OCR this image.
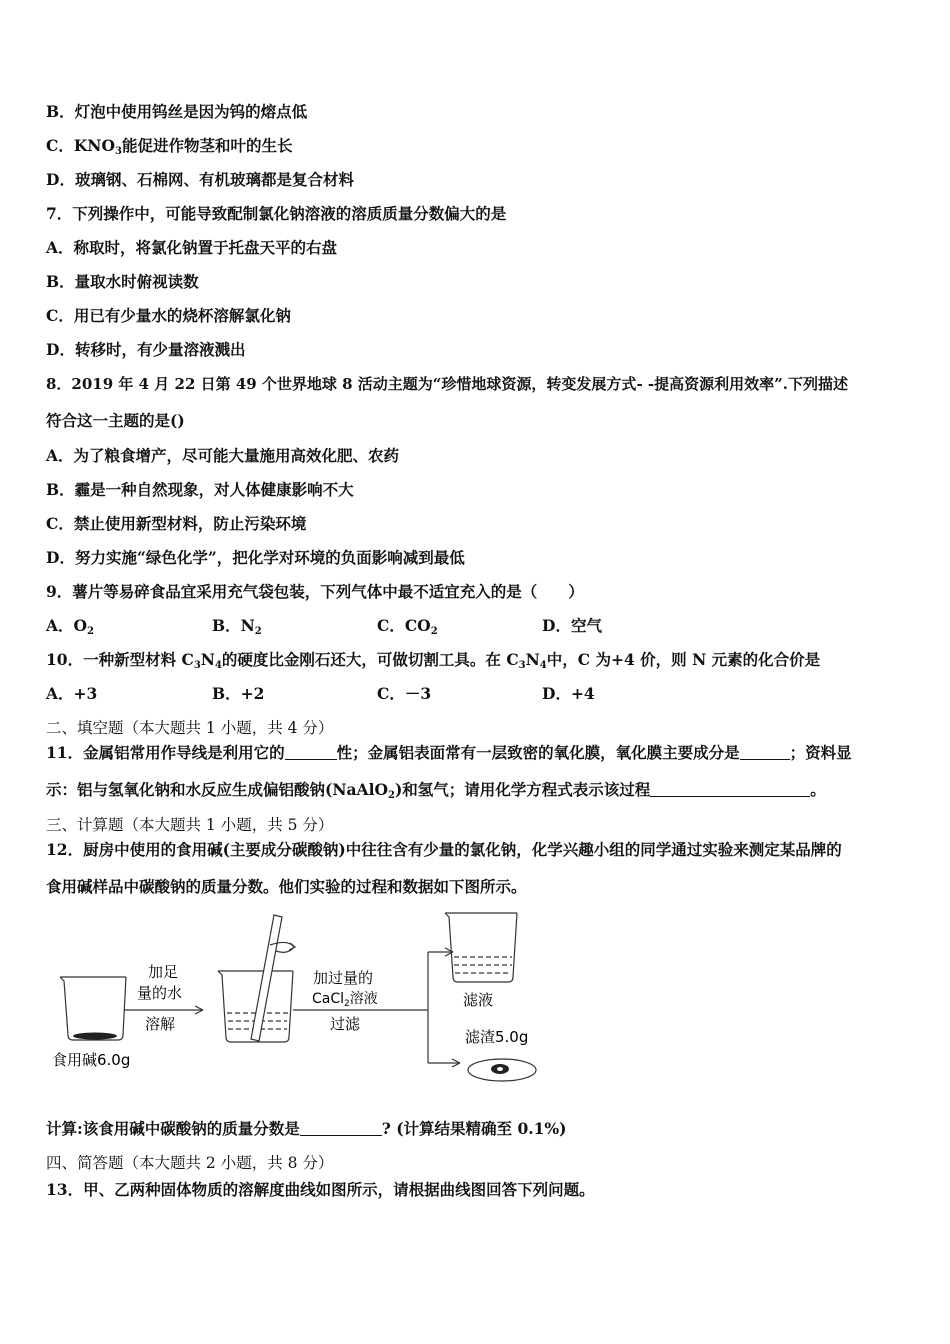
B．灯泡中使用钨丝是因为钨的熔点低
C．$KNO_3$能促进作物茎和叶的生长
D．玻璃钢、石棉网、有机玻璃都是复合材料
7．下列操作中，可能导致配制氯化钠溶液的溶质质量分数偏大的是
A．称取时，将氯化钠置于托盘天平的右盘
B．量取水时俯视读数
C．用已有少量水的烧杯溶解氯化钠
D．转移时，有少量溶液溅出
8．2019 年 4 月 22 日第 49 个世界地球 8 活动主题为“珍惜地球资源，转变发展方式- -提高资源利用效率”.下列描述
符合这一主题的是()
A．为了粮食增产，尽可能大量施用高效化肥、农药
B．霾是一种自然现象，对人体健康影响不大
C．禁止使用新型材料，防止污染环境
D．努力实施“绿色化学”，把化学对环境的负面影响减到最低
9．薯片等易碎食品宜采用充气袋包装，下列气体中最不适宜充入的是（　　）
A．$O_2$	B．$N_2$	C．$CO_2$	D．空气
10．一种新型材料 $C_3N_4$的硬度比金刚石还大，可做切割工具。在 $C_3N_4$中，C 为+4 价，则 N 元素的化合价是
A．+3	B．+2	C．－3	D．+4
二、填空题（本大题共 1 小题，共 4 分）
11．金属铝常用作导线是利用它的	性；金属铝表面常有一层致密的氧化膜，氧化膜主要成分是	；资料显
示：铝与氢氧化钠和水反应生成偏铝酸钠(NaAlO$_2$)和氢气；请用化学方程式表示该过程	。
三、计算题（本大题共 1 小题，共 5 分）
12．厨房中使用的食用碱(主要成分碳酸钠)中往往含有少量的氯化钠，化学兴趣小组的同学通过实验来测定某品牌的
食用碱样品中碳酸钠的质量分数。他们实验的过程和数据如下图所示。
食用碱6.0g
加足
量的水
溶解
加过量的
CaCl$_2$溶液
过滤
滤液
滤渣5.0g
计算:该食用碱中碳酸钠的质量分数是	? (计算结果精确至 0.1%)
四、简答题（本大题共 2 小题，共 8 分）
13．甲、乙两种固体物质的溶解度曲线如图所示，请根据曲线图回答下列问题。
